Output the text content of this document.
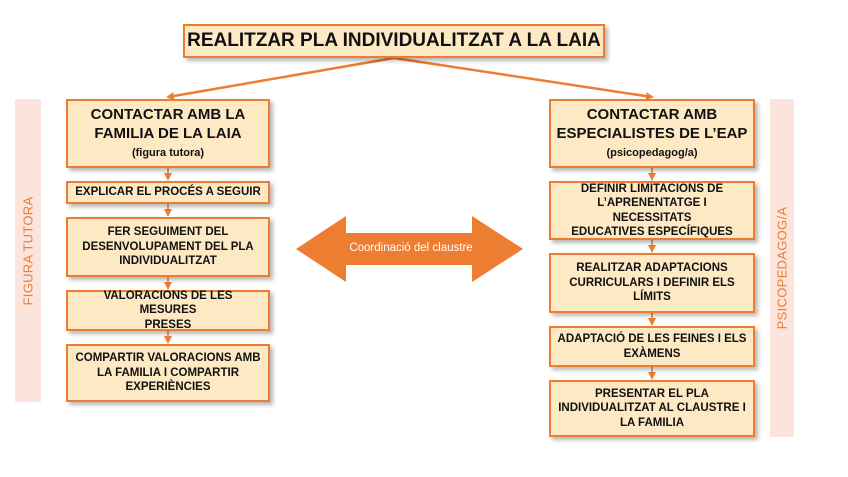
FIGURA TUTORA	PSICOPEDAGOG/A
Coordinació del claustre
REALITZAR PLA INDIVIDUALITZAT A LA LAIA
CONTACTAR AMB LA
FAMILIA DE LA LAIA
(figura tutora)
EXPLICAR EL PROCÉS A SEGUIR
FER SEGUIMENT DEL
DESENVOLUPAMENT DEL PLA
INDIVIDUALITZAT
VALORACIONS DE LES MESURES
PRESES
COMPARTIR VALORACIONS AMB
LA FAMILIA I COMPARTIR
EXPERIÈNCIES
CONTACTAR AMB
ESPECIALISTES DE L’EAP
(psicopedagog/a)
DEFINIR LIMITACIONS DE
L’APRENENTATGE I NECESSITATS
EDUCATIVES ESPECÍFIQUES
REALITZAR ADAPTACIONS
CURRICULARS I DEFINIR ELS
LÍMITS
ADAPTACIÓ DE LES FEINES I ELS
EXÀMENS
PRESENTAR EL PLA
INDIVIDUALITZAT AL CLAUSTRE I
LA FAMILIA
